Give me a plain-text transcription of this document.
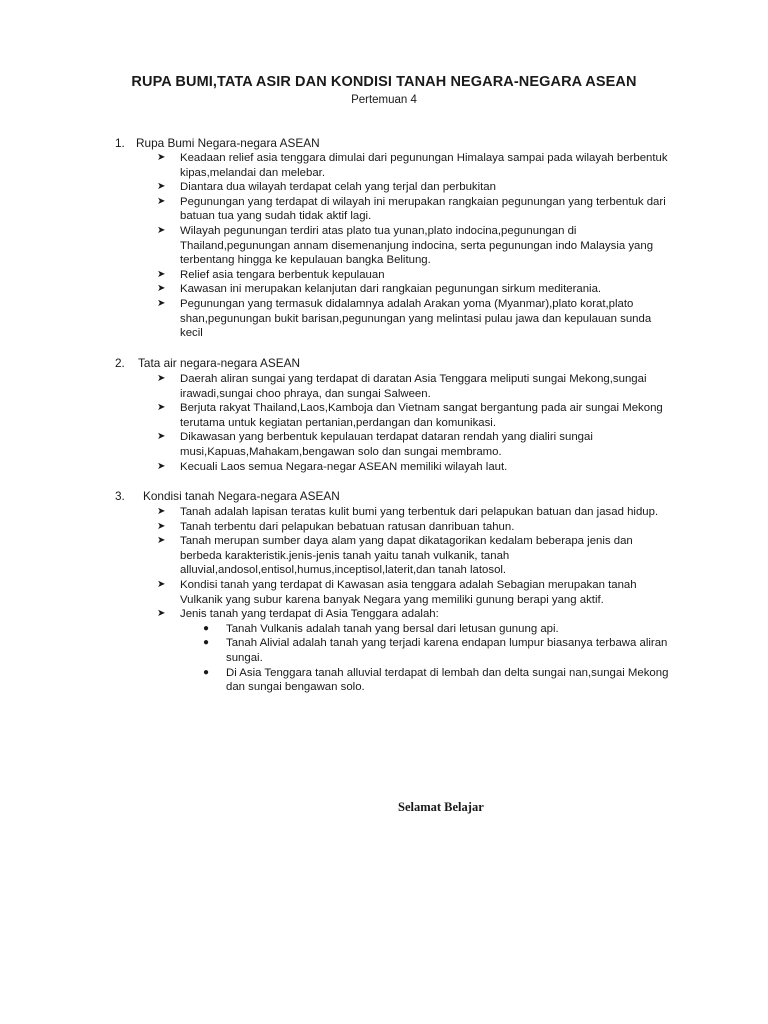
RUPA BUMI,TATA ASIR DAN KONDISI TANAH NEGARA-NEGARA ASEAN
Pertemuan 4
1. Rupa Bumi Negara-negara ASEAN
➤	Keadaan relief asia tenggara dimulai dari pegunungan Himalaya sampai pada wilayah berbentuk kipas,melandai dan melebar.
➤	Diantara dua wilayah terdapat celah yang terjal dan perbukitan
➤	Pegunungan yang terdapat di wilayah ini merupakan rangkaian pegunungan yang terbentuk dari batuan tua yang sudah tidak aktif lagi.
➤	Wilayah pegunungan terdiri atas plato tua yunan,plato indocina,pegunungan di Thailand,pegunungan annam disemenanjung indocina, serta pegunungan indo Malaysia yang terbentang hingga ke kepulauan bangka Belitung.
➤	Relief asia tengara berbentuk kepulauan
➤	Kawasan ini merupakan kelanjutan dari rangkaian pegunungan sirkum mediterania.
➤	Pegunungan yang termasuk didalamnya adalah Arakan yoma (Myanmar),plato korat,plato shan,pegunungan bukit barisan,pegunungan yang melintasi pulau jawa dan kepulauan sunda kecil
2. Tata air negara-negara ASEAN
➤	Daerah aliran sungai yang terdapat di daratan Asia Tenggara meliputi sungai Mekong,sungai irawadi,sungai choo phraya, dan sungai Salween.
➤	Berjuta rakyat Thailand,Laos,Kamboja dan Vietnam sangat bergantung pada air sungai Mekong terutama untuk kegiatan pertanian,perdangan dan komunikasi.
➤	Dikawasan yang berbentuk kepulauan terdapat dataran rendah yang dialiri sungai musi,Kapuas,Mahakam,bengawan solo dan sungai membramo.
➤	Kecuali Laos semua Negara-negar ASEAN memiliki wilayah laut.
3. Kondisi tanah Negara-negara ASEAN
➤	Tanah adalah lapisan teratas kulit bumi yang terbentuk dari pelapukan batuan dan jasad hidup.
➤	Tanah terbentu dari pelapukan bebatuan ratusan danribuan tahun.
➤	Tanah merupan sumber daya alam yang dapat dikatagorikan kedalam beberapa jenis dan berbeda karakteristik.jenis-jenis tanah yaitu tanah vulkanik, tanah alluvial,andosol,entisol,humus,inceptisol,laterit,dan tanah latosol.
➤	Kondisi tanah yang terdapat di Kawasan asia tenggara adalah Sebagian merupakan tanah Vulkanik yang subur karena banyak Negara yang memiliki gunung berapi yang aktif.
➤	Jenis tanah yang terdapat di Asia Tenggara adalah:
● Tanah Vulkanis adalah tanah yang bersal dari letusan gunung api.
● Tanah Alivial adalah tanah yang terjadi karena endapan lumpur biasanya terbawa aliran sungai.
● Di Asia Tenggara tanah alluvial terdapat di lembah dan delta sungai nan,sungai Mekong dan sungai bengawan solo.
Selamat Belajar
